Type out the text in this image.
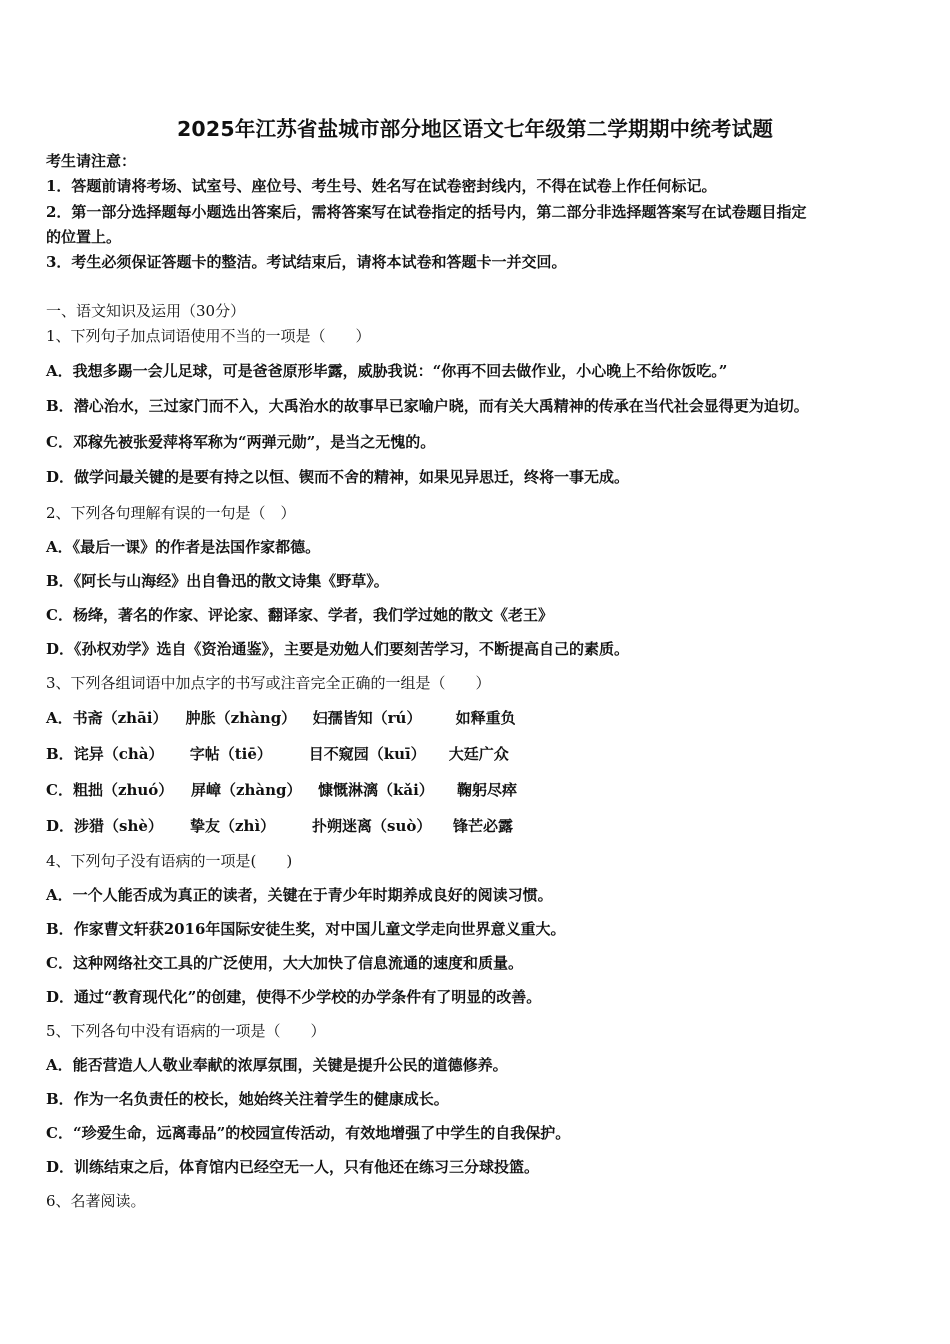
2025年江苏省盐城市部分地区语文七年级第二学期期中统考试题
考生请注意：
1．答题前请将考场、试室号、座位号、考生号、姓名写在试卷密封线内，不得在试卷上作任何标记。
2．第一部分选择题每小题选出答案后，需将答案写在试卷指定的括号内，第二部分非选择题答案写在试卷题目指定
的位置上。
3．考生必须保证答题卡的整洁。考试结束后，请将本试卷和答题卡一并交回。
一、语文知识及运用（30分）
1、下列句子加点词语使用不当的一项是（　　）
A．我想多踢一会儿足球，可是爸爸原形毕露，威胁我说：“你再不回去做作业，小心晚上不给你饭吃。”
B．潜心治水，三过家门而不入，大禹治水的故事早已家喻户晓，而有关大禹精神的传承在当代社会显得更为迫切。
C．邓稼先被张爱萍将军称为“两弹元勋”，是当之无愧的。
D．做学问最关键的是要有持之以恒、锲而不舍的精神，如果见异思迁，终将一事无成。
2、下列各句理解有误的一句是（　）
A．《最后一课》的作者是法国作家都德。
B．《阿长与山海经》出自鲁迅的散文诗集《野草》。
C．杨绛，著名的作家、评论家、翻译家、学者，我们学过她的散文《老王》
D．《孙权劝学》选自《资治通鉴》，主要是劝勉人们要刻苦学习，不断提高自己的素质。
3、下列各组词语中加点字的书写或注音完全正确的一组是（　　）
A．书斋（zhāi） 肿胀（zhàng） 妇孺皆知（rú） 如释重负
B．诧异（chà） 字帖（tiē） 目不窥园（kuī） 大廷广众
C．粗拙（zhuó） 屏嶂（zhàng） 慷慨淋漓（kǎi） 鞠躬尽瘁
D．涉猎（shè） 挚友（zhì） 扑朔迷离（suò） 锋芒必露
4、下列句子没有语病的一项是(　　)
A．一个人能否成为真正的读者，关键在于青少年时期养成良好的阅读习惯。
B．作家曹文轩获2016年国际安徒生奖，对中国儿童文学走向世界意义重大。
C．这种网络社交工具的广泛使用，大大加快了信息流通的速度和质量。
D．通过“教育现代化”的创建，使得不少学校的办学条件有了明显的改善。
5、下列各句中没有语病的一项是（　　）
A．能否营造人人敬业奉献的浓厚氛围，关键是提升公民的道德修养。
B．作为一名负责任的校长，她始终关注着学生的健康成长。
C．“珍爱生命，远离毒品”的校园宣传活动，有效地增强了中学生的自我保护。
D．训练结束之后，体育馆内已经空无一人，只有他还在练习三分球投篮。
6、名著阅读。
